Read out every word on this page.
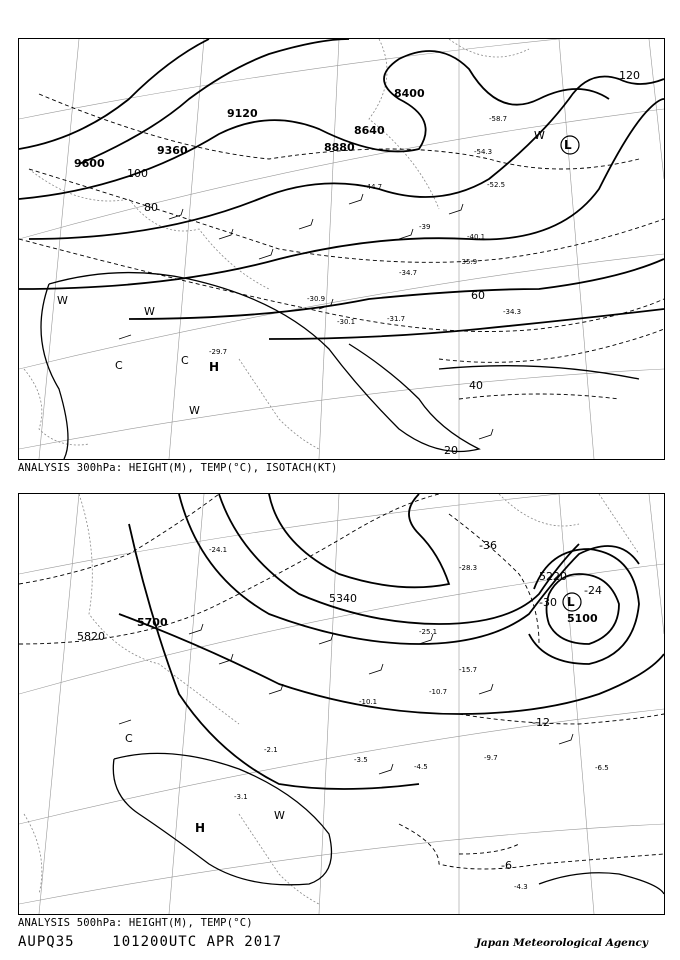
9600
9360
9120
8880
8640
8400
20
40
60
80
100
120
-29.7
-30.1
-30.9
-31.7
-34.3
-34.7
-35.9
-39
-40.1
-44.7	-52.5
-54.3
-58.7
H
L
W
W
W
W
C	C
ANALYSIS 300hPa: HEIGHT(M), TEMP(°C), ISOTACH(KT)
5820
5700
5340
5220
5100
-36
-30
-24
-12
-6
-28.3
-25.1
-24.1
-15.7
-10.7
-10.1
-9.7
-6.5
-4.5
-4.3
-3.5
-3.1
-2.1
H
L
W
C
ANALYSIS 500hPa: HEIGHT(M), TEMP(°C)
AUPQ35	101200UTC APR 2017	Japan Meteorological Agency
